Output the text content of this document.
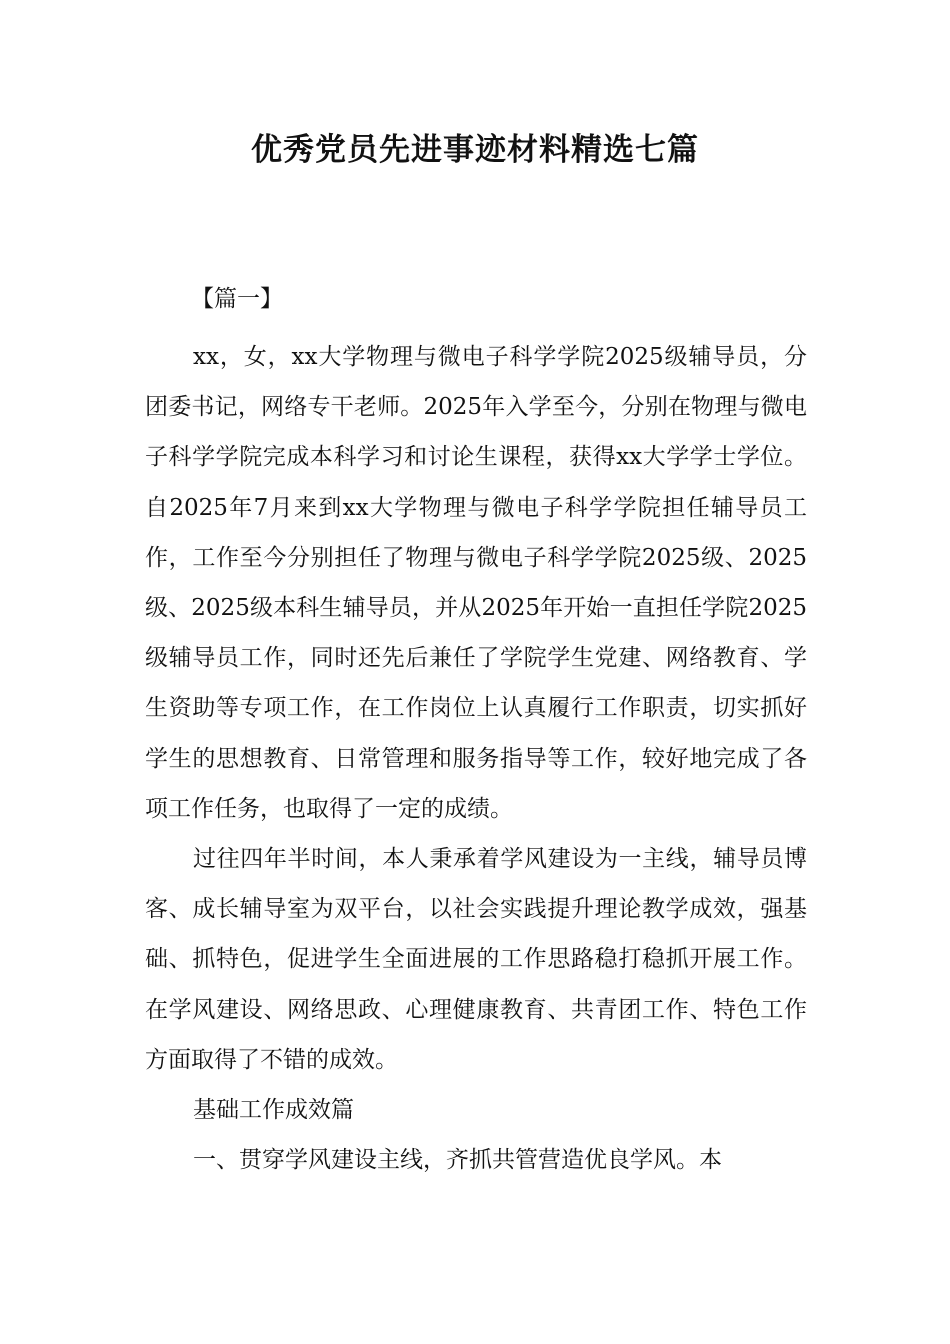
优秀党员先进事迹材料精选七篇
【篇一】

xx，女，xx大学物理与微电子科学学院2025级辅导员，分团委书记，网络专干老师。2025年入学至今，分别在物理与微电子科学学院完成本科学习和讨论生课程，获得xx大学学士学位。自2025年7月来到xx大学物理与微电子科学学院担任辅导员工作，工作至今分别担任了物理与微电子科学学院2025级、2025级、2025级本科生辅导员，并从2025年开始一直担任学院2025级辅导员工作，同时还先后兼任了学院学生党建、网络教育、学生资助等专项工作，在工作岗位上认真履行工作职责，切实抓好学生的思想教育、日常管理和服务指导等工作，较好地完成了各项工作任务，也取得了一定的成绩。

过往四年半时间，本人秉承着学风建设为一主线，辅导员博客、成长辅导室为双平台，以社会实践提升理论教学成效，强基础、抓特色，促进学生全面进展的工作思路稳打稳抓开展工作。在学风建设、网络思政、心理健康教育、共青团工作、特色工作方面取得了不错的成效。

基础工作成效篇

一、贯穿学风建设主线，齐抓共管营造优良学风。本
